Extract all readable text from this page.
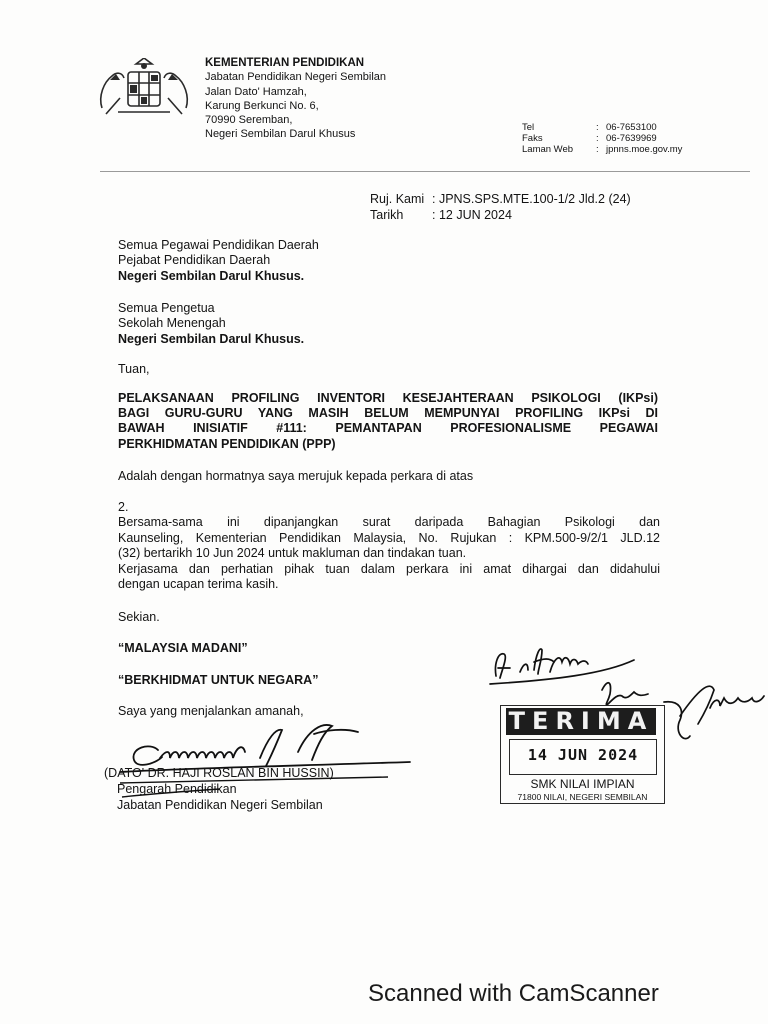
KEMENTERIAN PENDIDIKAN
Jabatan Pendidikan Negeri Sembilan
Jalan Dato' Hamzah,
Karung Berkunci No. 6,
70990 Seremban,
Negeri Sembilan Darul Khusus
Tel	: 06-7653100
Faks	: 06-7639969
Laman Web	: jpnns.moe.gov.my
Ruj. Kami : JPNS.SPS.MTE.100-1/2 Jld.2 (24)
Tarikh : 12 JUN 2024
Semua Pegawai Pendidikan Daerah
Pejabat Pendidikan Daerah
Negeri Sembilan Darul Khusus.
Semua Pengetua
Sekolah Menengah
Negeri Sembilan Darul Khusus.
Tuan,
PELAKSANAAN PROFILING INVENTORI KESEJAHTERAAN PSIKOLOGI (IKPsi)
BAGI GURU-GURU YANG MASIH BELUM MEMPUNYAI PROFILING IKPsi DI
BAWAH INISIATIF #111: PEMANTAPAN PROFESIONALISME PEGAWAI
PERKHIDMATAN PENDIDIKAN (PPP)
Adalah dengan hormatnya saya merujuk kepada perkara di atas
2.
Bersama-sama ini dipanjangkan surat daripada Bahagian Psikologi dan
Kaunseling, Kementerian Pendidikan Malaysia, No. Rujukan : KPM.500-9/2/1 JLD.12
(32) bertarikh 10 Jun 2024 untuk makluman dan tindakan tuan.
Kerjasama dan perhatian pihak tuan dalam perkara ini amat dihargai dan didahului
dengan ucapan terima kasih.
Sekian.
“MALAYSIA MADANI”
“BERKHIDMAT UNTUK NEGARA”
Saya yang menjalankan amanah,
(DATO' DR. HAJI ROSLAN BIN HUSSIN)
Pengarah Pendidikan
Jabatan Pendidikan Negeri Sembilan
TERIMA
14 JUN 2024
SMK NILAI IMPIAN
71800 NILAI, NEGERI SEMBILAN
Scanned with CamScanner
